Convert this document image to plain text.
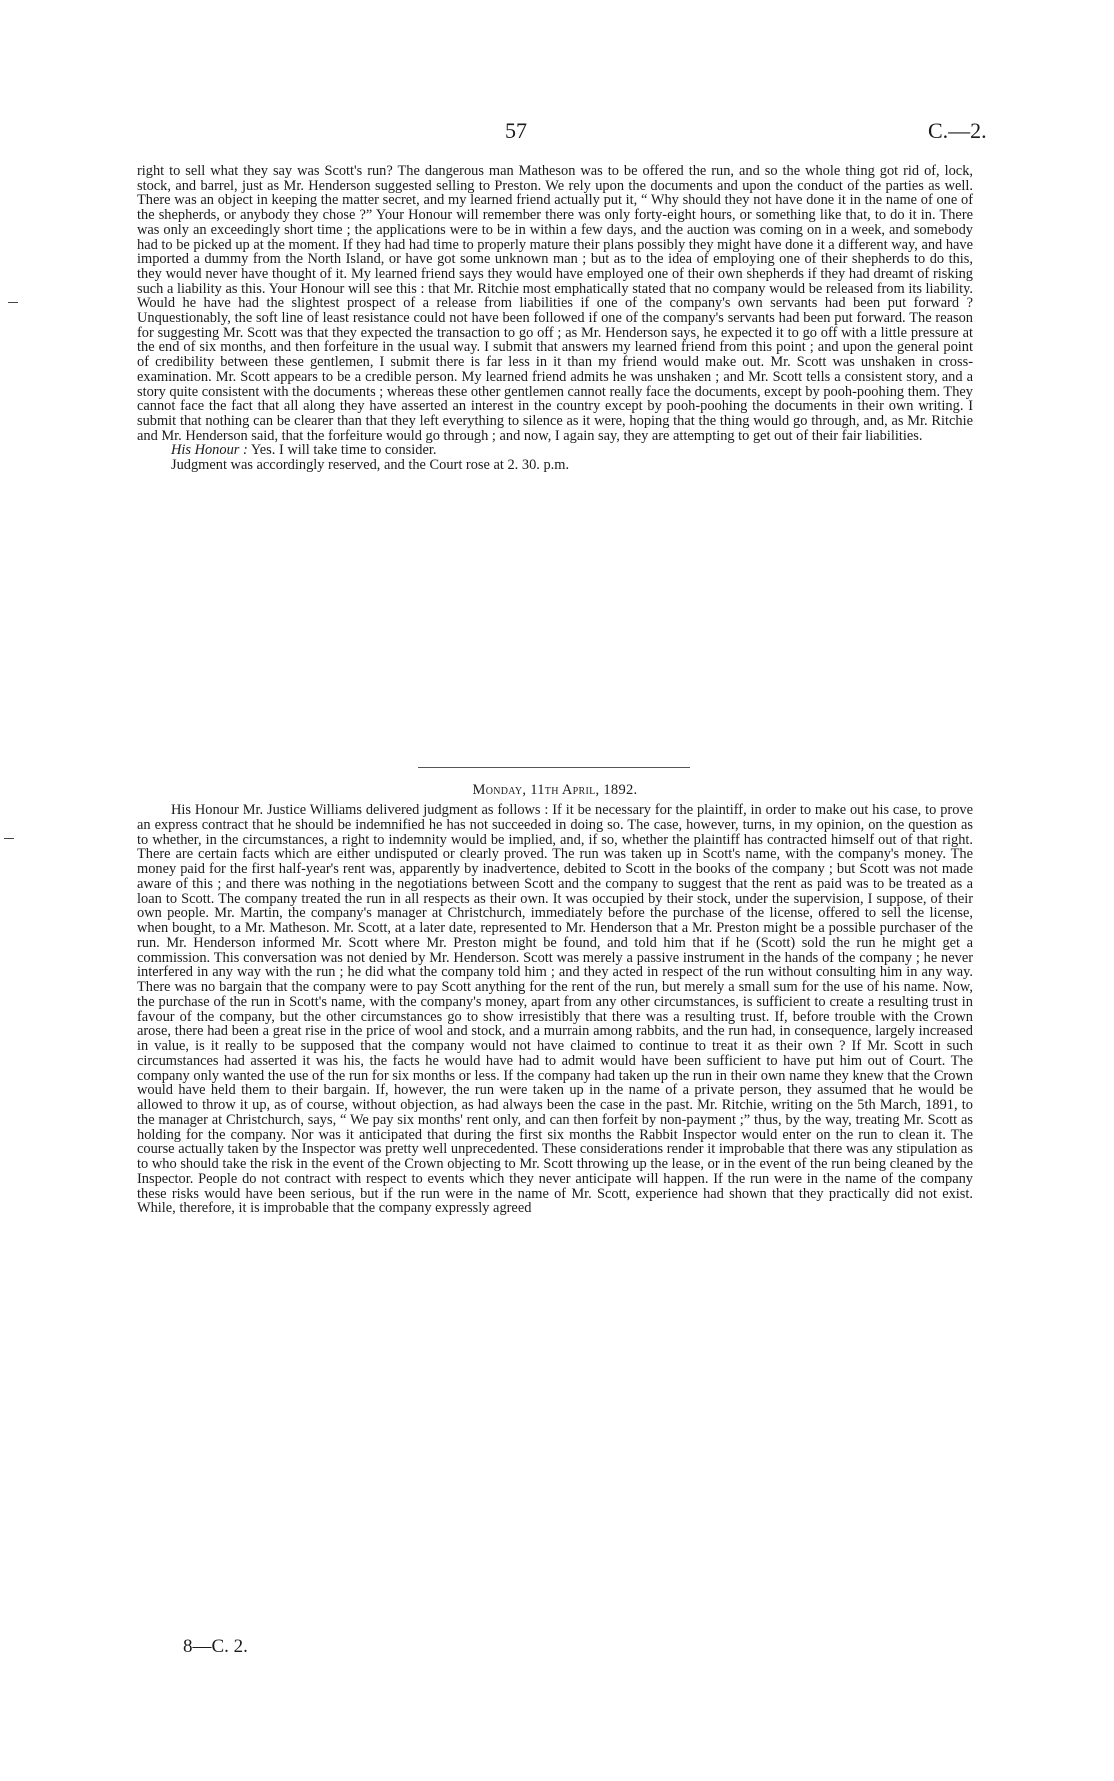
57	C.—2.

right to sell what they say was Scott's run? The dangerous man Matheson was to be offered the run, and so the whole thing got rid of, lock, stock, and barrel, just as Mr. Henderson suggested selling to Preston. We rely upon the documents and upon the conduct of the parties as well. There was an object in keeping the matter secret, and my learned friend actually put it, “ Why should they not have done it in the name of one of the shepherds, or anybody they chose ?” Your Honour will remember there was only forty-eight hours, or something like that, to do it in. There was only an exceedingly short time ; the applications were to be in within a few days, and the auction was coming on in a week, and somebody had to be picked up at the moment. If they had had time to properly mature their plans possibly they might have done it a different way, and have imported a dummy from the North Island, or have got some unknown man ; but as to the idea of employing one of their shepherds to do this, they would never have thought of it. My learned friend says they would have employed one of their own shepherds if they had dreamt of risking such a liability as this. Your Honour will see this : that Mr. Ritchie most emphatically stated that no company would be released from its liability. Would he have had the slightest prospect of a release from liabilities if one of the company's own servants had been put forward ? Unquestionably, the soft line of least resistance could not have been followed if one of the company's servants had been put forward. The reason for suggesting Mr. Scott was that they expected the transaction to go off ; as Mr. Henderson says, he expected it to go off with a little pressure at the end of six months, and then forfeiture in the usual way. I submit that answers my learned friend from this point ; and upon the general point of credibility between these gentlemen, I submit there is far less in it than my friend would make out. Mr. Scott was unshaken in cross-examination. Mr. Scott appears to be a credible person. My learned friend admits he was unshaken ; and Mr. Scott tells a consistent story, and a story quite consistent with the documents ; whereas these other gentlemen cannot really face the documents, except by pooh-poohing them. They cannot face the fact that all along they have asserted an interest in the country except by pooh-poohing the documents in their own writing. I submit that nothing can be clearer than that they left everything to silence as it were, hoping that the thing would go through, and, as Mr. Ritchie and Mr. Henderson said, that the forfeiture would go through ; and now, I again say, they are attempting to get out of their fair liabilities.

His Honour : Yes. I will take time to consider.

Judgment was accordingly reserved, and the Court rose at 2. 30. p.m.

Monday, 11th April, 1892.

His Honour Mr. Justice Williams delivered judgment as follows : If it be necessary for the plaintiff, in order to make out his case, to prove an express contract that he should be indemnified he has not succeeded in doing so. The case, however, turns, in my opinion, on the question as to whether, in the circumstances, a right to indemnity would be implied, and, if so, whether the plaintiff has contracted himself out of that right. There are certain facts which are either undisputed or clearly proved. The run was taken up in Scott's name, with the company's money. The money paid for the first half-year's rent was, apparently by inadvertence, debited to Scott in the books of the company ; but Scott was not made aware of this ; and there was nothing in the negotiations between Scott and the company to suggest that the rent as paid was to be treated as a loan to Scott. The company treated the run in all respects as their own. It was occupied by their stock, under the supervision, I suppose, of their own people. Mr. Martin, the company's manager at Christchurch, immediately before the purchase of the license, offered to sell the license, when bought, to a Mr. Matheson. Mr. Scott, at a later date, represented to Mr. Henderson that a Mr. Preston might be a possible purchaser of the run. Mr. Henderson informed Mr. Scott where Mr. Preston might be found, and told him that if he (Scott) sold the run he might get a commission. This conversation was not denied by Mr. Henderson. Scott was merely a passive instrument in the hands of the company ; he never interfered in any way with the run ; he did what the company told him ; and they acted in respect of the run without consulting him in any way. There was no bargain that the company were to pay Scott anything for the rent of the run, but merely a small sum for the use of his name. Now, the purchase of the run in Scott's name, with the company's money, apart from any other circumstances, is sufficient to create a resulting trust in favour of the company, but the other circumstances go to show irresistibly that there was a resulting trust. If, before trouble with the Crown arose, there had been a great rise in the price of wool and stock, and a murrain among rabbits, and the run had, in consequence, largely increased in value, is it really to be supposed that the company would not have claimed to continue to treat it as their own ? If Mr. Scott in such circumstances had asserted it was his, the facts he would have had to admit would have been sufficient to have put him out of Court. The company only wanted the use of the run for six months or less. If the company had taken up the run in their own name they knew that the Crown would have held them to their bargain. If, however, the run were taken up in the name of a private person, they assumed that he would be allowed to throw it up, as of course, without objection, as had always been the case in the past. Mr. Ritchie, writing on the 5th March, 1891, to the manager at Christchurch, says, “ We pay six months' rent only, and can then forfeit by non-payment ;” thus, by the way, treating Mr. Scott as holding for the company. Nor was it anticipated that during the first six months the Rabbit Inspector would enter on the run to clean it. The course actually taken by the Inspector was pretty well unprecedented. These considerations render it improbable that there was any stipulation as to who should take the risk in the event of the Crown objecting to Mr. Scott throwing up the lease, or in the event of the run being cleaned by the Inspector. People do not contract with respect to events which they never anticipate will happen. If the run were in the name of the company these risks would have been serious, but if the run were in the name of Mr. Scott, experience had shown that they practically did not exist. While, therefore, it is improbable that the company expressly agreed

8—C. 2.
